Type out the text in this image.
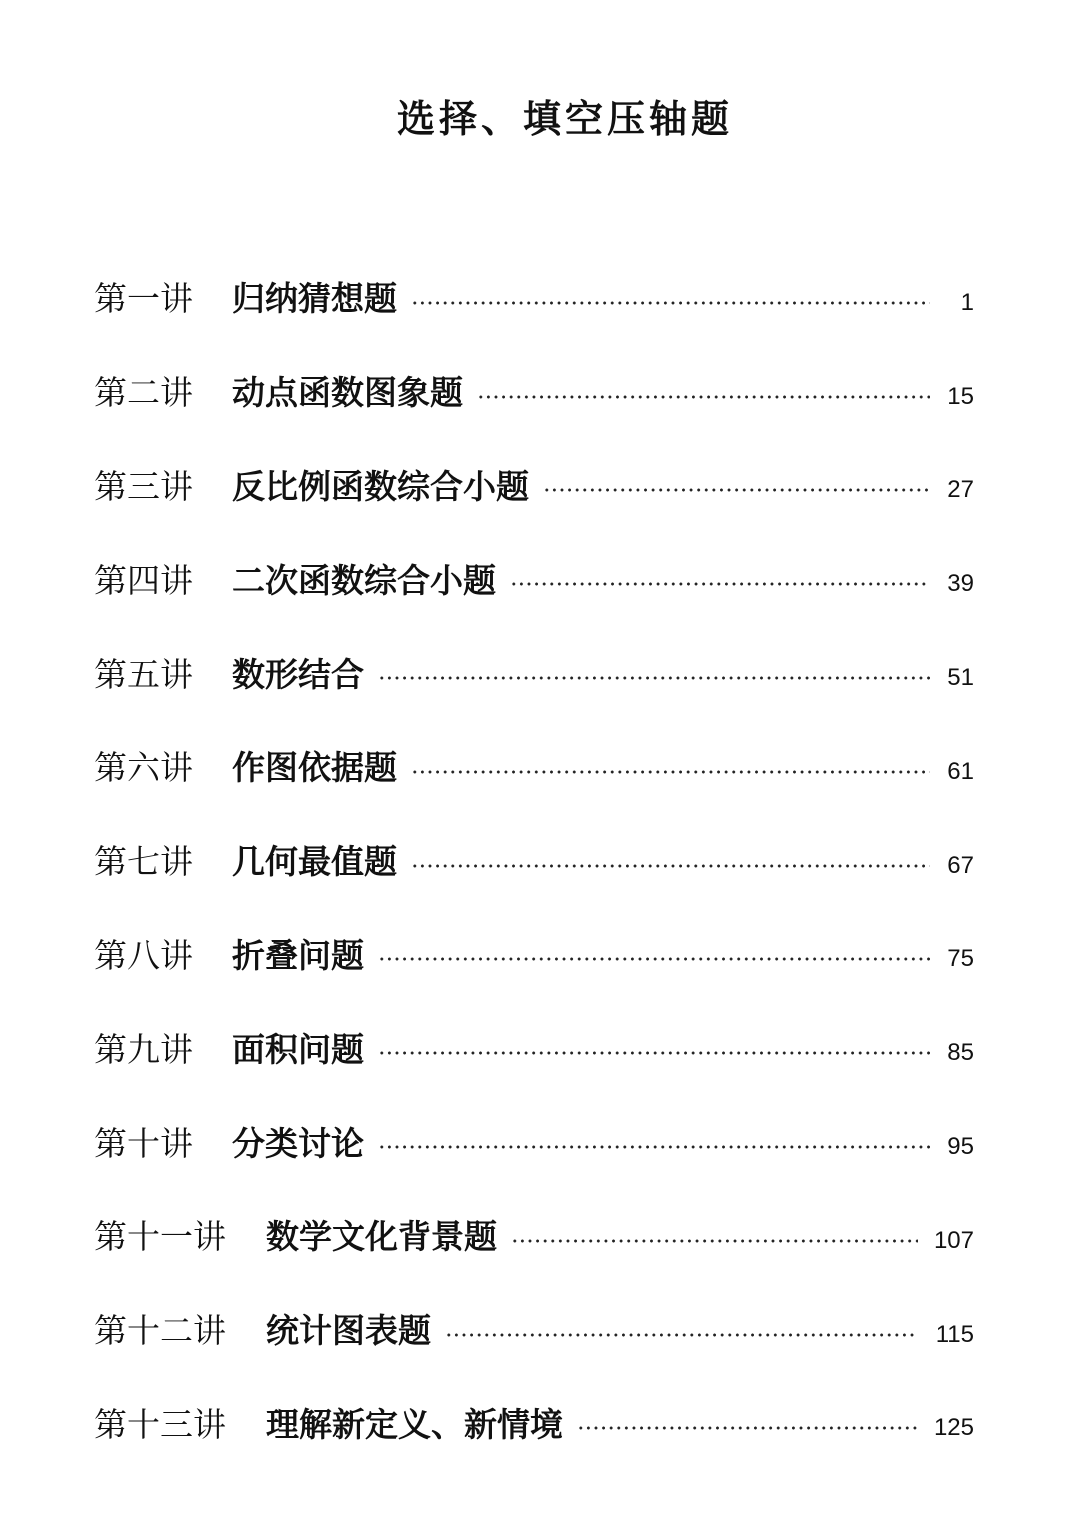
选择、填空压轴题
第一讲	归纳猜想题	1
第二讲	动点函数图象题	15
第三讲	反比例函数综合小题	27
第四讲	二次函数综合小题	39
第五讲	数形结合	51
第六讲	作图依据题	61
第七讲	几何最值题	67
第八讲	折叠问题	75
第九讲	面积问题	85
第十讲	分类讨论	95
第十一讲	数学文化背景题	107
第十二讲	统计图表题	115
第十三讲	理解新定义、新情境	125
